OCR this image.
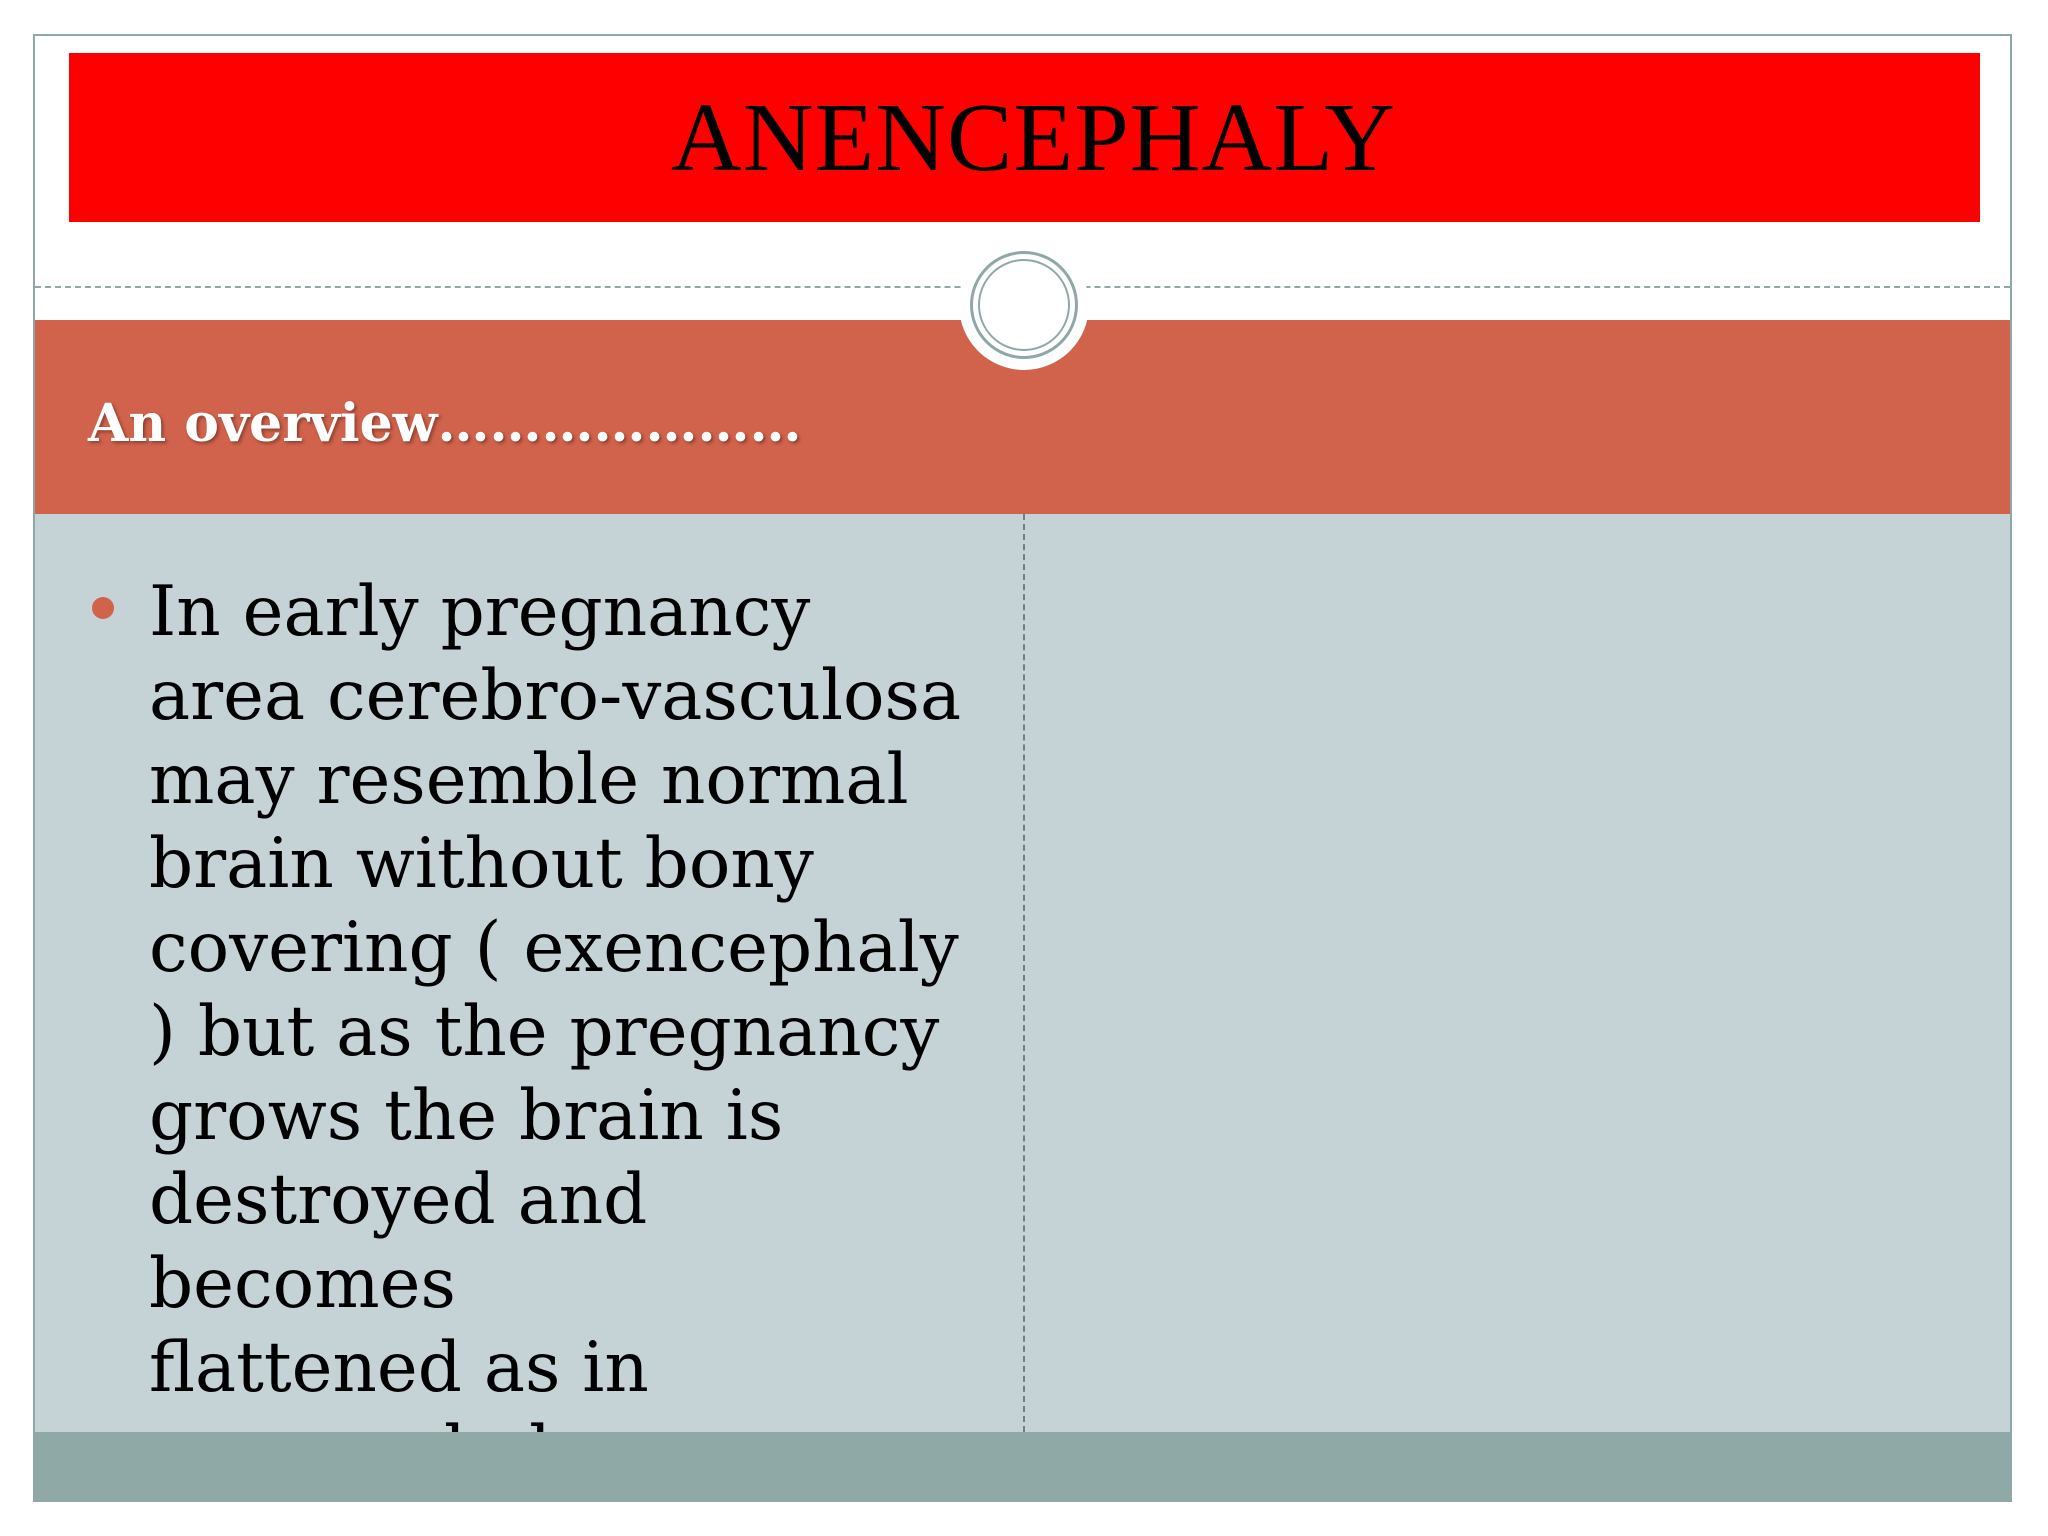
ANENCEPHALY
An overview…………………
In early pregnancy
area cerebro-vasculosa
may resemble normal
brain without bony
covering ( exencephaly
) but as the pregnancy
grows the brain is
destroyed and becomes
flattened as in
